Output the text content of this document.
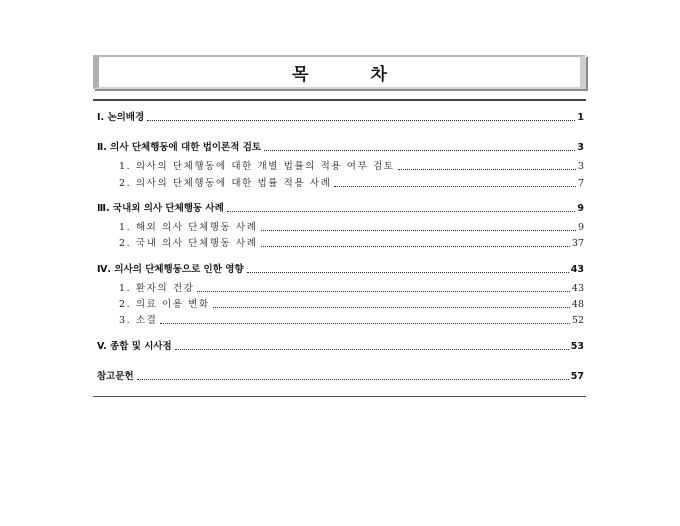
목 차
Ⅰ. 논의배경	1
Ⅱ. 의사 단체행동에 대한 법이론적 검토	3
1. 의사의 단체행동에 대한 개별 법률의 적용 여부 검토	3
2. 의사의 단체행동에 대한 법률 적용 사례	7
Ⅲ. 국내외 의사 단체행동 사례	9
1. 해외 의사 단체행동 사례	9
2. 국내 의사 단체행동 사례	37
Ⅳ. 의사의 단체행동으로 인한 영향	43
1. 환자의 건강	43
2. 의료 이용 변화	48
3. 소결	52
V. 종합 및 시사점	53
참고문헌	57
